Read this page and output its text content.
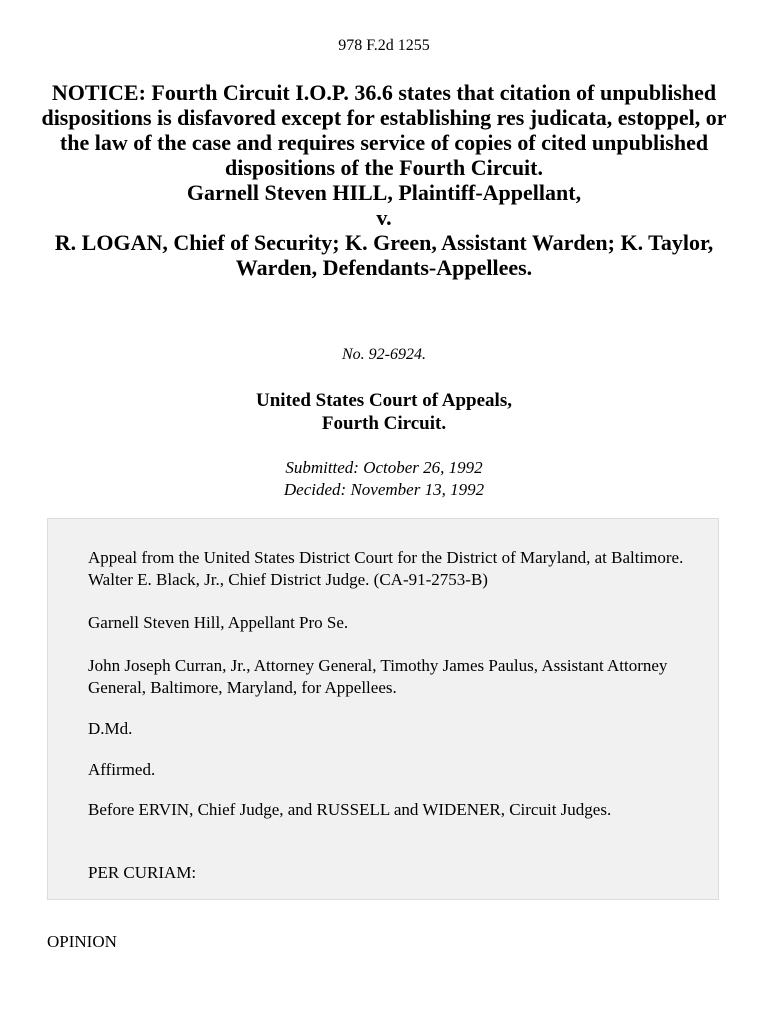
978 F.2d 1255
NOTICE: Fourth Circuit I.O.P. 36.6 states that citation of unpublished dispositions is disfavored except for establishing res judicata, estoppel, or the law of the case and requires service of copies of cited unpublished dispositions of the Fourth Circuit.
Garnell Steven HILL, Plaintiff-Appellant,
v.
R. LOGAN, Chief of Security; K. Green, Assistant Warden; K. Taylor, Warden, Defendants-Appellees.
No. 92-6924.
United States Court of Appeals,
Fourth Circuit.
Submitted: October 26, 1992
Decided: November 13, 1992

Appeal from the United States District Court for the District of Maryland, at Baltimore. Walter E. Black, Jr., Chief District Judge. (CA-91-2753-B)

Garnell Steven Hill, Appellant Pro Se.

John Joseph Curran, Jr., Attorney General, Timothy James Paulus, Assistant Attorney General, Baltimore, Maryland, for Appellees.

D.Md.

Affirmed.

Before ERVIN, Chief Judge, and RUSSELL and WIDENER, Circuit Judges.

PER CURIAM:

OPINION
